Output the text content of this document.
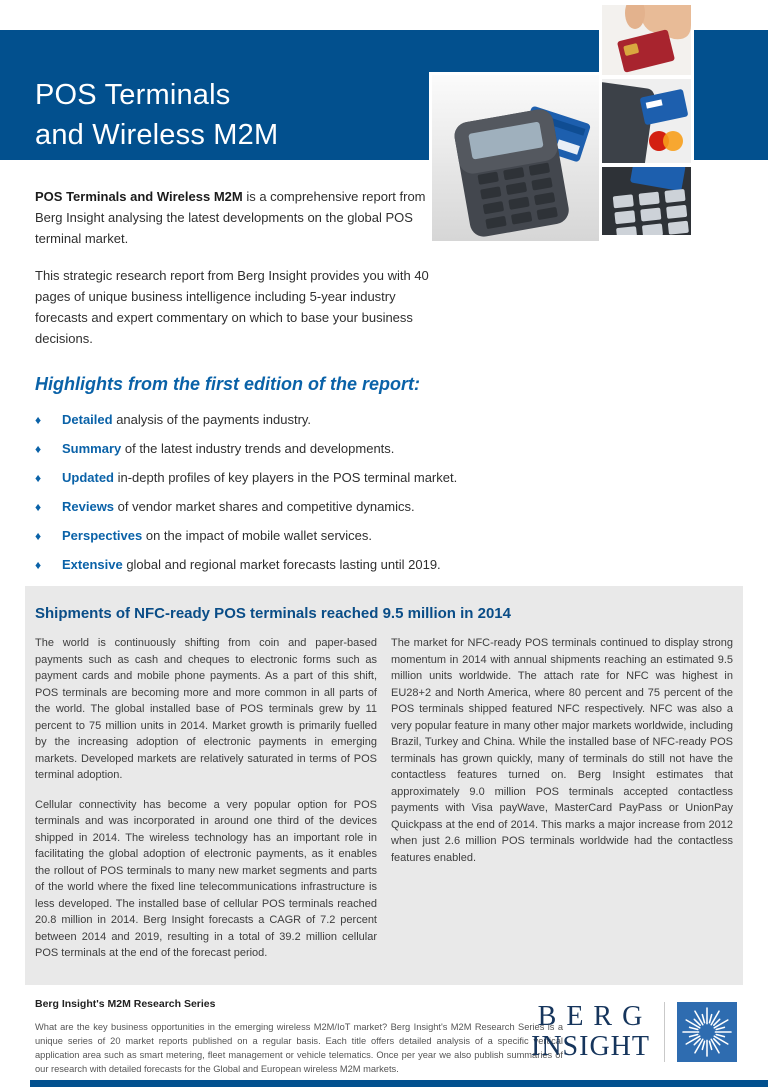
POS Terminals
and Wireless M2M

POS Terminals and Wireless M2M is a comprehensive report from Berg Insight analysing the latest developments on the global POS terminal market.

This strategic research report from Berg Insight provides you with 40 pages of unique business intelligence including 5-year industry forecasts and expert commentary on which to base your business decisions.

Highlights from the first edition of the report:
♦	Detailed analysis of the payments industry.
♦	Summary of the latest industry trends and developments.
♦	Updated in-depth profiles of key players in the POS terminal market.
♦	Reviews of vendor market shares and competitive dynamics.
♦	Perspectives on the impact of mobile wallet services.
♦	Extensive global and regional market forecasts lasting until 2019.
Shipments of NFC-ready POS terminals reached 9.5 million in 2014

The world is continuously shifting from coin and paper-based payments such as cash and cheques to electronic forms such as payment cards and mobile phone payments. As a part of this shift, POS terminals are becoming more and more common in all parts of the world. The global installed base of POS terminals grew by 11 percent to 75 million units in 2014. Market growth is primarily fuelled by the increasing adoption of electronic payments in emerging markets. Developed markets are relatively saturated in terms of POS terminal adoption.

Cellular connectivity has become a very popular option for POS terminals and was incorporated in around one third of the devices shipped in 2014. The wireless technology has an important role in facilitating the global adoption of electronic payments, as it enables the rollout of POS terminals to many new market segments and parts of the world where the fixed line telecommunications infrastructure is less developed. The installed base of cellular POS terminals reached 20.8 million in 2014. Berg Insight forecasts a CAGR of 7.2 percent between 2014 and 2019, resulting in a total of 39.2 million cellular POS terminals at the end of the forecast period.

The market for NFC-ready POS terminals continued to display strong momentum in 2014 with annual shipments reaching an estimated 9.5 million units worldwide. The attach rate for NFC was highest in EU28+2 and North America, where 80 percent and 75 percent of the POS terminals shipped featured NFC respectively. NFC was also a very popular feature in many other major markets worldwide, including Brazil, Turkey and China. While the installed base of NFC-ready POS terminals has grown quickly, many of terminals do still not have the contactless features turned on. Berg Insight estimates that approximately 9.0 million POS terminals accepted contactless payments with Visa payWave, MasterCard PayPass or UnionPay Quickpass at the end of 2014. This marks a major increase from 2012 when just 2.6 million POS terminals worldwide had the contactless features enabled.

Berg Insight's M2M Research Series

What are the key business opportunities in the emerging wireless M2M/IoT market? Berg Insight's M2M Research Series is a unique series of 20 market reports published on a regular basis. Each title offers detailed analysis of a specific vertical application area such as smart metering, fleet management or vehicle telematics. Once per year we also publish summaries of our research with detailed forecasts for the Global and European wireless M2M markets.

BERG
INSIGHT
